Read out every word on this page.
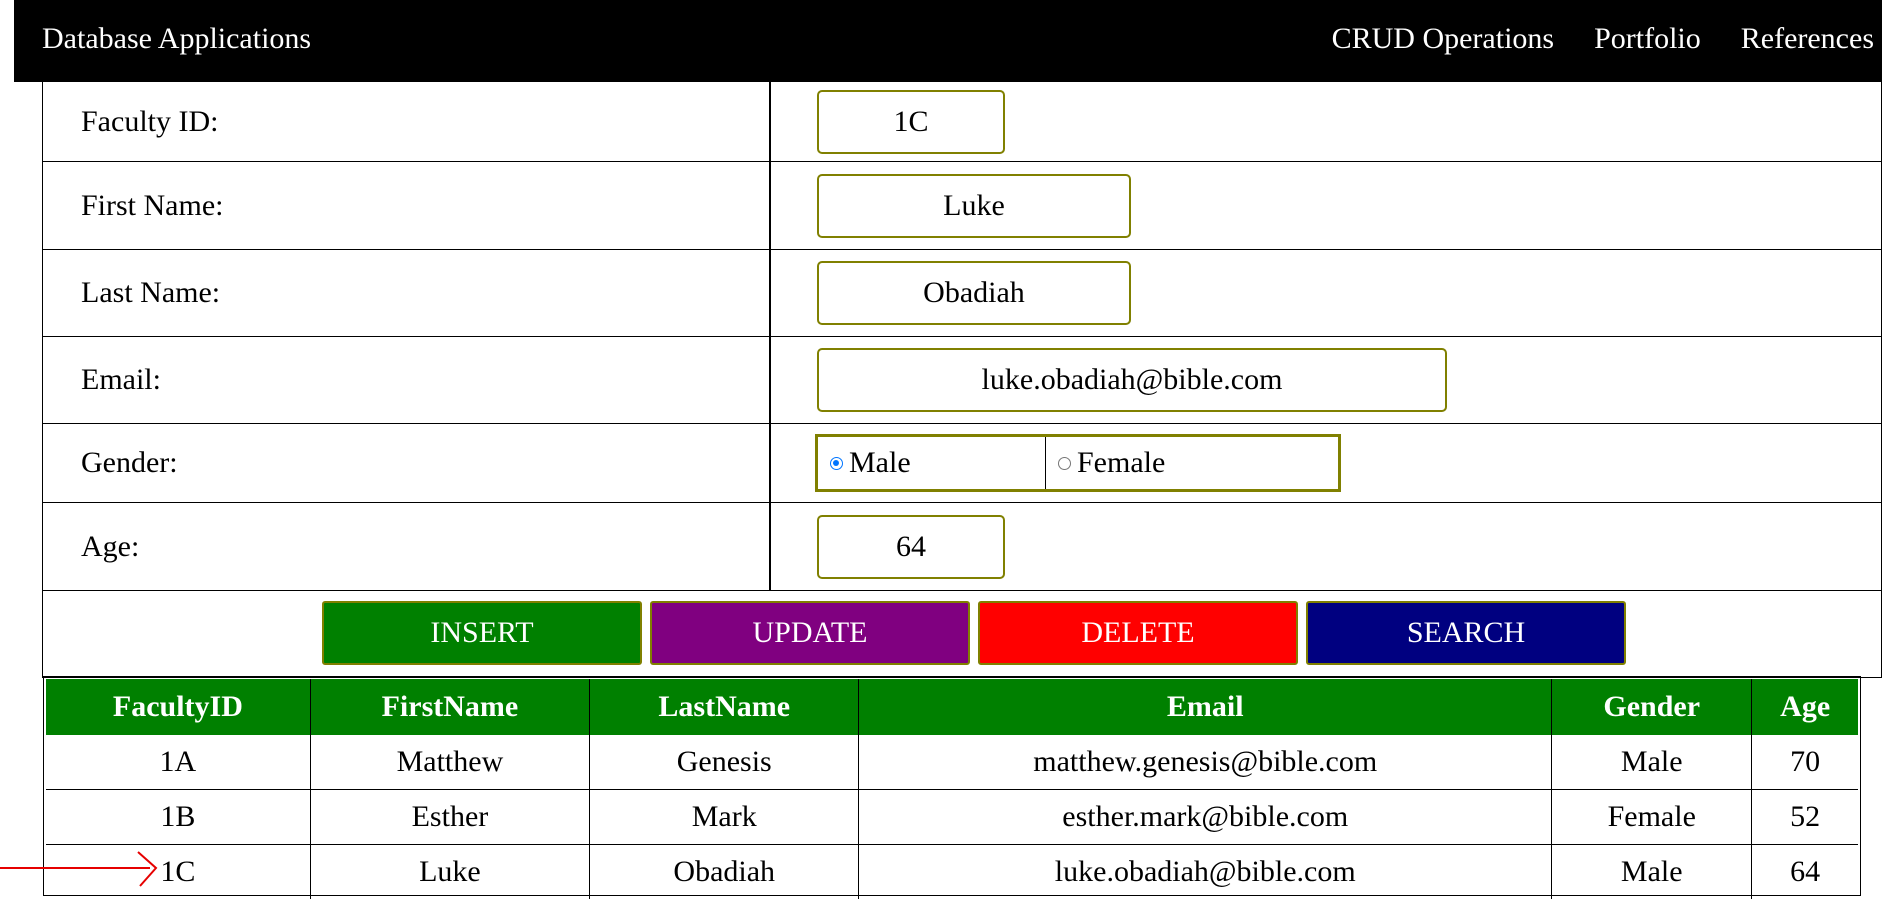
Database Applications	CRUD Operations Portfolio References
Faculty ID:	1C
First Name:	Luke
Last Name:	Obadiah
Email:	luke.obadiah@bible.com
Gender:	Male	Female
Age:	64
INSERT	UPDATE	DELETE	SEARCH
FacultyID	FirstName	LastName	Email	Gender	Age
1A	Matthew	Genesis	matthew.genesis@bible.com	Male	70
1B	Esther	Mark	esther.mark@bible.com	Female	52
1C	Luke	Obadiah	luke.obadiah@bible.com	Male	64
